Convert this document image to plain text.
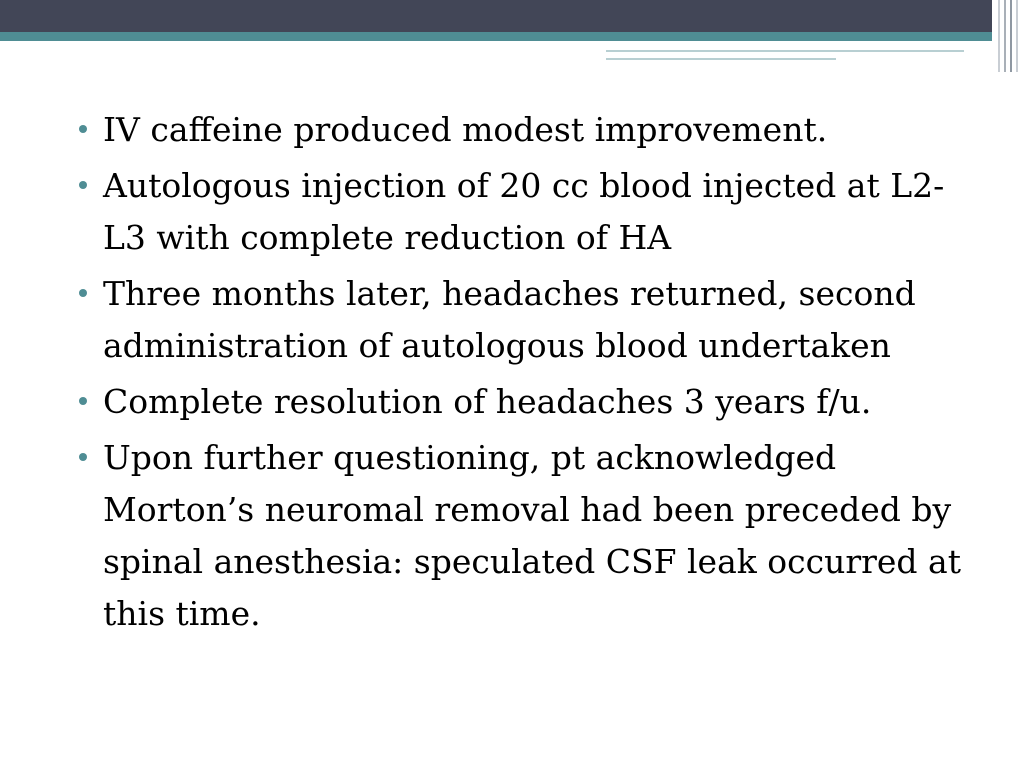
IV caffeine produced modest improvement.
Autologous injection of 20 cc blood injected at L2-L3 with complete reduction of HA
Three months later, headaches returned, second administration of autologous blood undertaken
Complete resolution of headaches 3 years f/u.
Upon further questioning, pt acknowledged Morton’s neuromal removal had been preceded by spinal anesthesia: speculated CSF leak occurred at this time.
